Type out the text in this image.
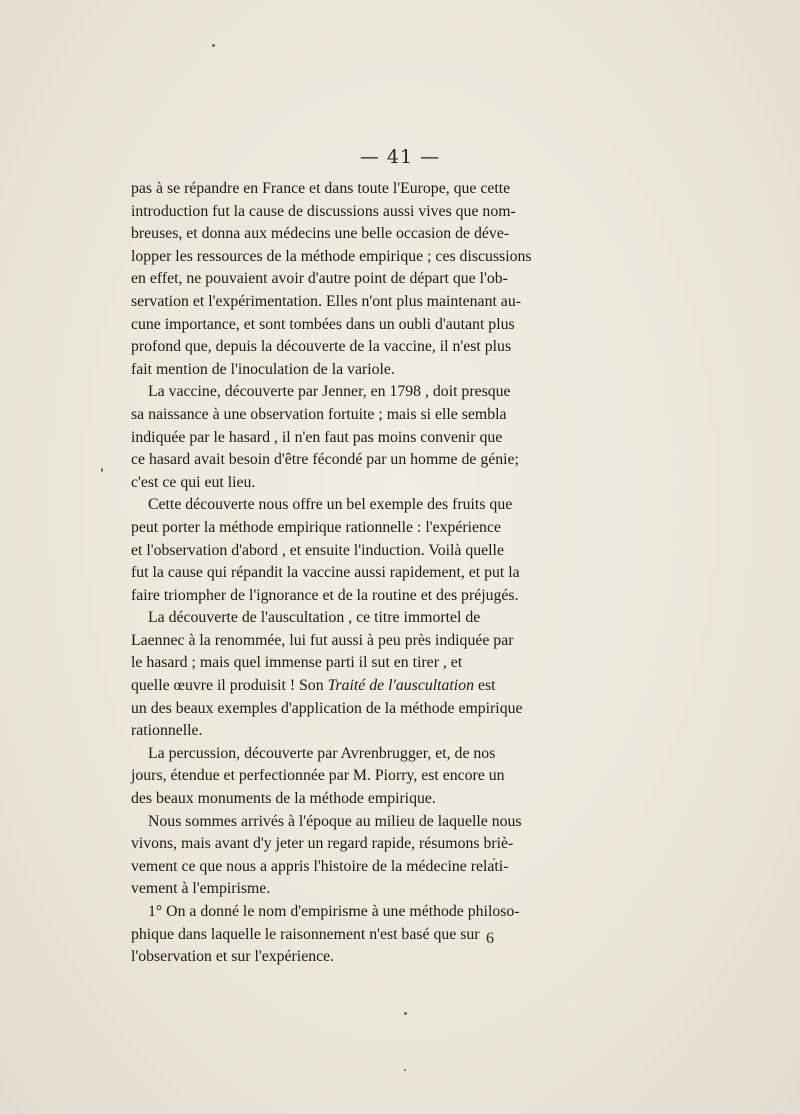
— 41 —

pas à se répandre en France et dans toute l'Europe, que cette
introduction fut la cause de discussions aussi vives que nom-
breuses, et donna aux médecins une belle occasion de déve-
lopper les ressources de la méthode empirique ; ces discussions
en effet, ne pouvaient avoir d'autre point de départ que l'ob-
servation et l'expérimentation. Elles n'ont plus maintenant au-
cune importance, et sont tombées dans un oubli d'autant plus
profond que, depuis la découverte de la vaccine, il n'est plus
fait mention de l'inoculation de la variole.

La vaccine, découverte par Jenner, en 1798 , doit presque
sa naissance à une observation fortuite ; mais si elle sembla
indiquée par le hasard , il n'en faut pas moins convenir que
ce hasard avait besoin d'être fécondé par un homme de génie;
c'est ce qui eut lieu.

Cette découverte nous offre un bel exemple des fruits que
peut porter la méthode empirique rationnelle : l'expérience
et l'observation d'abord , et ensuite l'induction. Voilà quelle
fut la cause qui répandit la vaccine aussi rapidement, et put la
faire triompher de l'ignorance et de la routine et des préjugés.

La découverte de l'auscultation , ce titre immortel de
Laennec à la renommée, lui fut aussi à peu près indiquée par
le hasard ; mais quel immense parti il sut en tirer , et
quelle œuvre il produisit ! Son Traité de l'auscultation est
un des beaux exemples d'application de la méthode empirique
rationnelle.

La percussion, découverte par Avrenbrugger, et, de nos
jours, étendue et perfectionnée par M. Piorry, est encore un
des beaux monuments de la méthode empirique.

Nous sommes arrivés à l'époque au milieu de laquelle nous
vivons, mais avant d'y jeter un regard rapide, résumons briè-
vement ce que nous a appris l'histoire de la médecine relati-
vement à l'empirisme.

1° On a donné le nom d'empirisme à une méthode philoso-
phique dans laquelle le raisonnement n'est basé que sur
l'observation et sur l'expérience.

6
